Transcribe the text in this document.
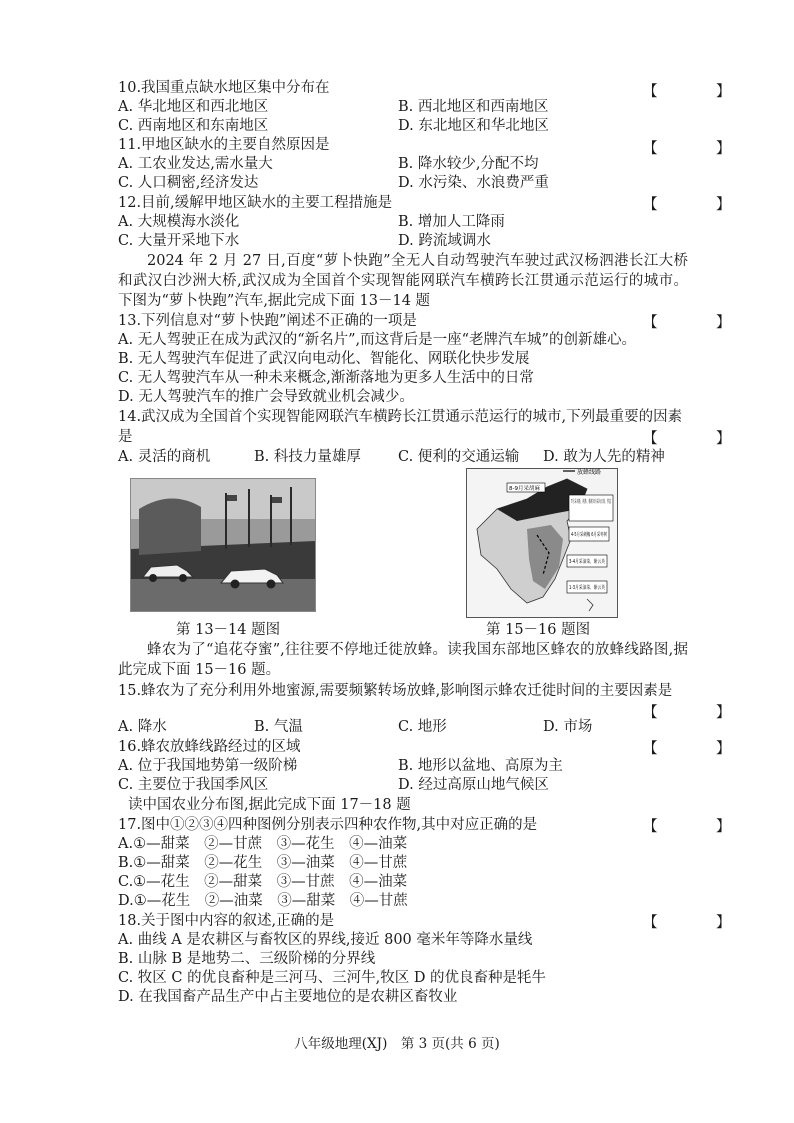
10.我国重点缺水地区集中分布在	【　】
A. 华北地区和西北地区	B. 西北地区和西南地区
C. 西南地区和东南地区	D. 东北地区和华北地区
11.甲地区缺水的主要自然原因是	【　】
A. 工农业发达,需水量大	B. 降水较少,分配不均
C. 人口稠密,经济发达	D. 水污染、水浪费严重
12.目前,缓解甲地区缺水的主要工程措施是	【　】
A. 大规模海水淡化	B. 增加人工降雨
C. 大量开采地下水	D. 跨流域调水
2024 年 2 月 27 日,百度“萝卜快跑”全无人自动驾驶汽车驶过武汉杨泗港长江大桥和武汉白沙洲大桥,武汉成为全国首个实现智能网联汽车横跨长江贯通示范运行的城市。下图为“萝卜快跑”汽车,据此完成下面 13－14 题
13.下列信息对“萝卜快跑”阐述不正确的一项是	【　】
A. 无人驾驶正在成为武汉的“新名片”,而这背后是一座“老牌汽车城”的创新雄心。
B. 无人驾驶汽车促进了武汉向电动化、智能化、网联化快步发展
C. 无人驾驶汽车从一种未来概念,渐渐落地为更多人生活中的日常
D. 无人驾驶汽车的推广会导致就业机会减少。
14.武汉成为全国首个实现智能网联汽车横跨长江贯通示范运行的城市,下列最重要的因素
是	【　】
A. 灵活的商机	B. 科技力量雄厚	C. 便利的交通运输 D. 敢为人先的精神
放蜂线路
8-9月采胡麻
7月采木槿、荆条、椴树 8月采向日葵、荞麦
4-5月采刺槐 6月采枣树
3-4月采油菜、紫云英
1-3月采油菜、紫云英
第 13－14 题图	第 15－16 题图
蜂农为了“追花夺蜜”,往往要不停地迁徙放蜂。读我国东部地区蜂农的放蜂线路图,据此完成下面 15－16 题。
15.蜂农为了充分利用外地蜜源,需要频繁转场放蜂,影响图示蜂农迁徙时间的主要因素是
【　】
A. 降水	B. 气温	C. 地形	D. 市场
16.蜂农放蜂线路经过的区域	【　】
A. 位于我国地势第一级阶梯	B. 地形以盆地、高原为主
C. 主要位于我国季风区	D. 经过高原山地气候区
读中国农业分布图,据此完成下面 17－18 题
17.图中①②③④四种图例分别表示四种农作物,其中对应正确的是	【　】
A.①—甜菜　②—甘蔗　③—花生　④—油菜
B.①—甜菜　②—花生　③—油菜　④—甘蔗
C.①—花生　②—甜菜　③—甘蔗　④—油菜
D.①—花生　②—油菜　③—甜菜　④—甘蔗
18.关于图中内容的叙述,正确的是	【　】
A. 曲线 A 是农耕区与畜牧区的界线,接近 800 毫米年等降水量线
B. 山脉 B 是地势二、三级阶梯的分界线
C. 牧区 C 的优良畜种是三河马、三河牛,牧区 D 的优良畜种是牦牛
D. 在我国畜产品生产中占主要地位的是农耕区畜牧业
八年级地理(XJ)　第 3 页(共 6 页)
